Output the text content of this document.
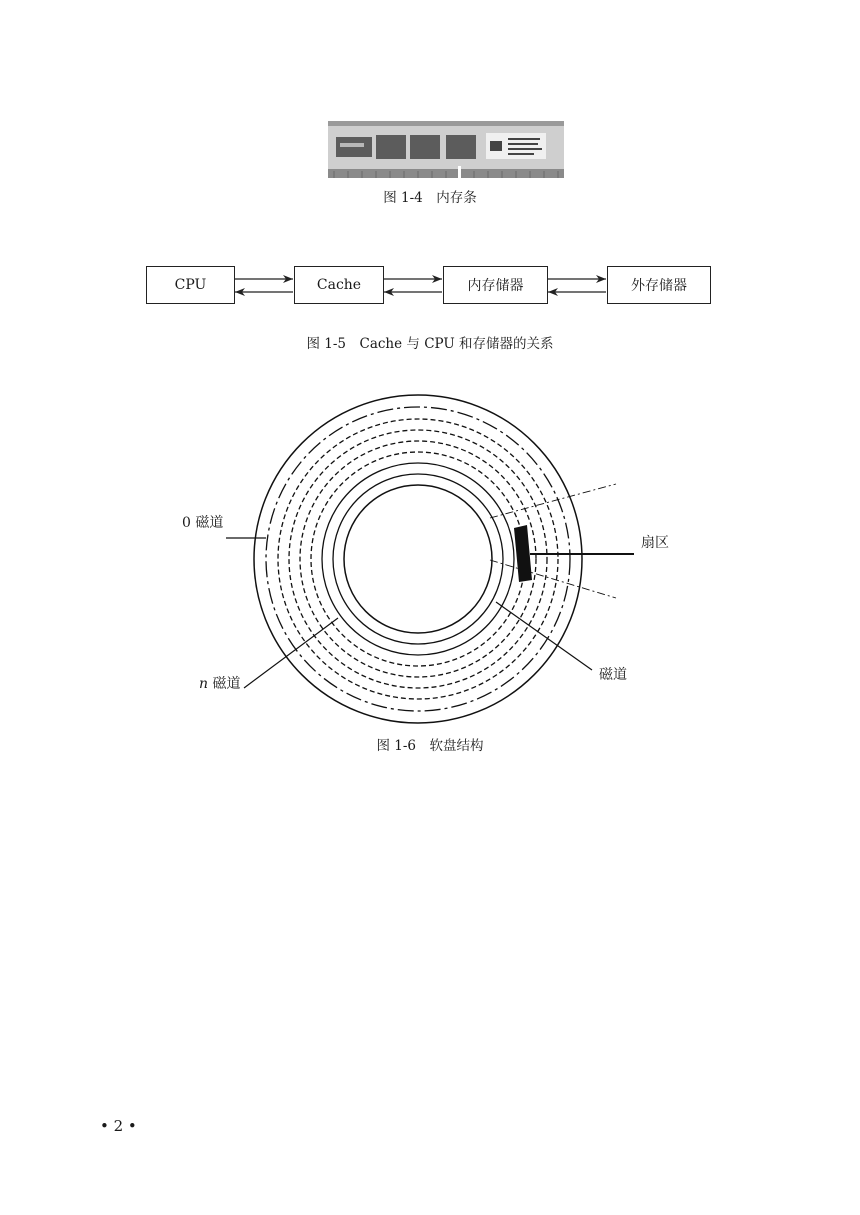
图 1-4　内存条
CPU	Cache	内存储器	外存储器
图 1-5　Cache 与 CPU 和存储器的关系
0 磁道
n 磁道
扇区
磁道
图 1-6　软盘结构
• 2 •
